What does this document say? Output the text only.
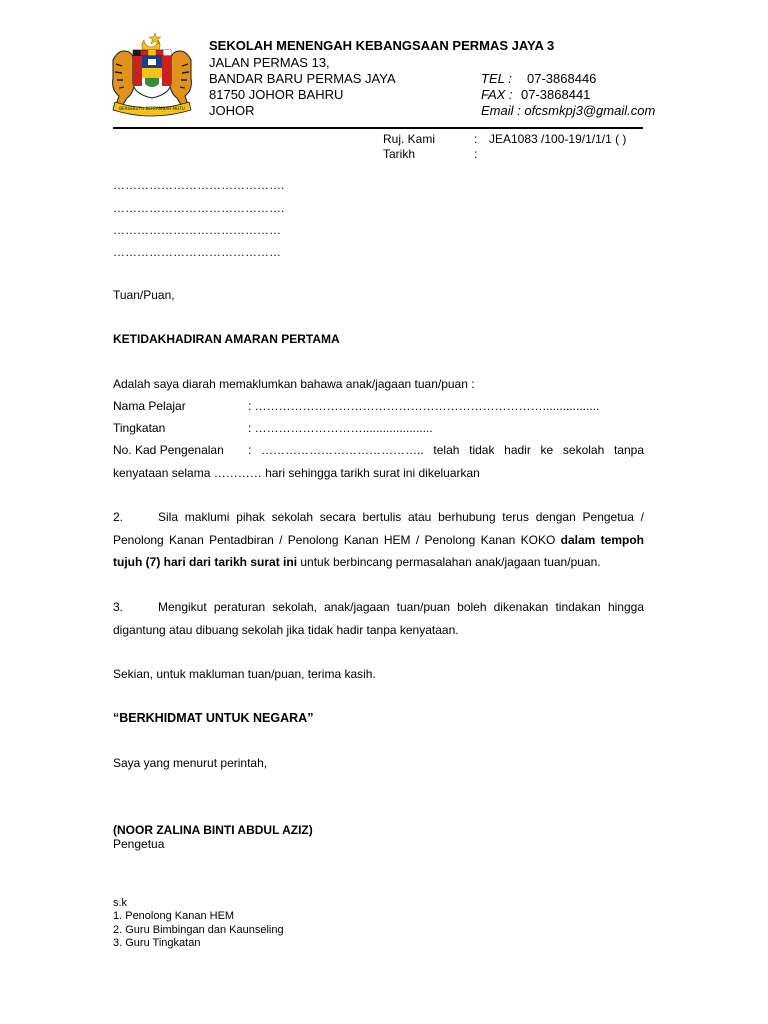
BERSEKUTU BERTAMBAH MUTU
SEKOLAH MENENGAH KEBANGSAAN PERMAS JAYA 3
JALAN PERMAS 13,
BANDAR BARU PERMAS JAYA
81750 JOHOR BAHRU
JOHOR
TEL : 07-3868446
FAX : 07-3868441
Email : ofcsmkpj3@gmail.com
Ruj. Kami	: JEA1083 /100-19/1/1/1 ( )
Tarikh	:
…………………………………….
…………………………………….
……………………………………
……………………………………
Tuan/Puan,
KETIDAKHADIRAN AMARAN PERTAMA
Adalah saya diarah memaklumkan bahawa anak/jagaan tuan/puan :
Nama Pelajar	: ……………………………………………………………….................
Tingkatan	: ……………………….....................
No. Kad Pengenalan : ………………………………….. telah tidak hadir ke sekolah tanpa
kenyataan selama ………… hari sehingga tarikh surat ini dikeluarkan
2.	Sila maklumi pihak sekolah secara bertulis atau berhubung terus dengan Pengetua /
Penolong Kanan Pentadbiran / Penolong Kanan HEM / Penolong Kanan KOKO dalam tempoh
tujuh (7) hari dari tarikh surat ini untuk berbincang permasalahan anak/jagaan tuan/puan.
3.	Mengikut peraturan sekolah, anak/jagaan tuan/puan boleh dikenakan tindakan hingga
digantung atau dibuang sekolah jika tidak hadir tanpa kenyataan.
Sekian, untuk makluman tuan/puan, terima kasih.
“BERKHIDMAT UNTUK NEGARA”
Saya yang menurut perintah,
(NOOR ZALINA BINTI ABDUL AZIZ)
Pengetua
s.k
1. Penolong Kanan HEM
2. Guru Bimbingan dan Kaunseling
3. Guru Tingkatan
